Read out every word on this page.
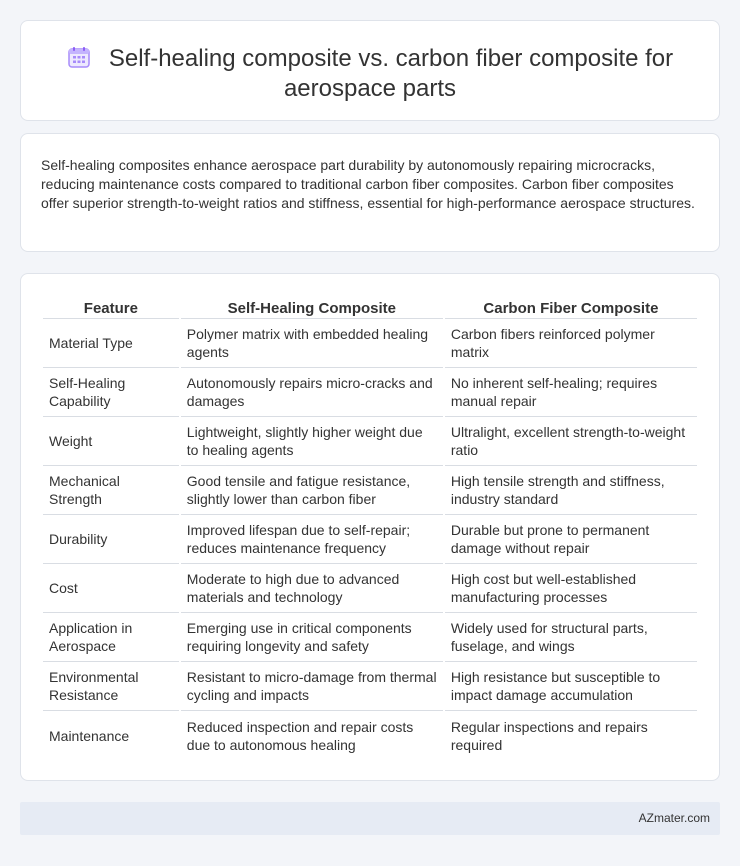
Self-healing composite vs. carbon fiber composite for aerospace parts

Self-healing composites enhance aerospace part durability by autonomously repairing microcracks, reducing maintenance costs compared to traditional carbon fiber composites. Carbon fiber composites offer superior strength-to-weight ratios and stiffness, essential for high-performance aerospace structures.

Feature	Self-Healing Composite	Carbon Fiber Composite
Material Type	Polymer matrix with embedded healing agents	Carbon fibers reinforced polymer matrix
Self-Healing Capability	Autonomously repairs micro-cracks and damages	No inherent self-healing; requires manual repair
Weight	Lightweight, slightly higher weight due to healing agents	Ultralight, excellent strength-to-weight ratio
Mechanical Strength	Good tensile and fatigue resistance, slightly lower than carbon fiber	High tensile strength and stiffness, industry standard
Durability	Improved lifespan due to self-repair; reduces maintenance frequency	Durable but prone to permanent damage without repair
Cost	Moderate to high due to advanced materials and technology	High cost but well-established manufacturing processes
Application in Aerospace	Emerging use in critical components requiring longevity and safety	Widely used for structural parts, fuselage, and wings
Environmental Resistance	Resistant to micro-damage from thermal cycling and impacts	High resistance but susceptible to impact damage accumulation
Maintenance	Reduced inspection and repair costs due to autonomous healing	Regular inspections and repairs required
AZmater.com
